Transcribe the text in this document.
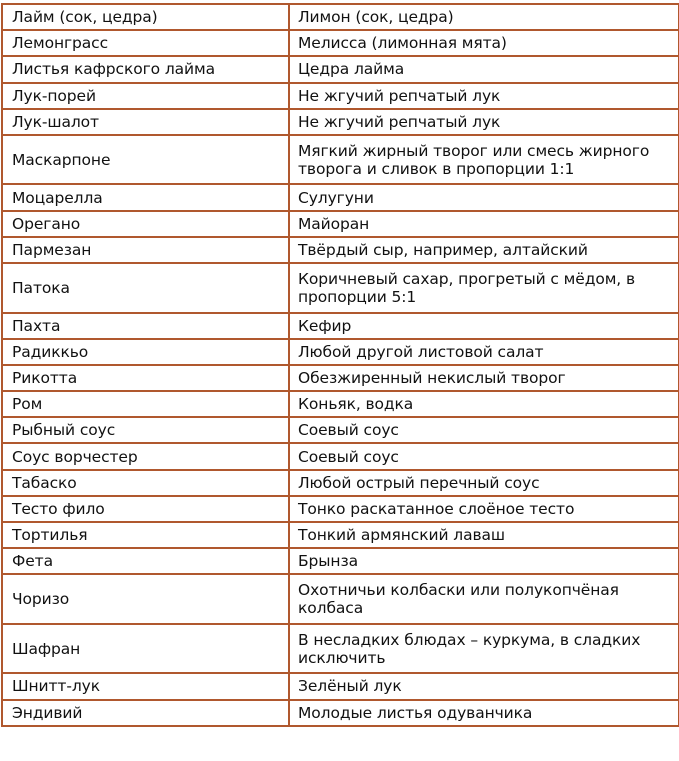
Лайм (сок, цедра)	Лимон (сок, цедра)
Лемонграсс	Мелисса (лимонная мята)
Листья кафрского лайма	Цедра лайма
Лук-порей	Не жгучий репчатый лук
Лук-шалот	Не жгучий репчатый лук
Маскарпоне	Мягкий жирный творог или смесь жирного творога и сливок в пропорции 1:1
Моцарелла	Сулугуни
Орегано	Майоран
Пармезан	Твёрдый сыр, например, алтайский
Патока	Коричневый сахар, прогретый с мёдом, в пропорции 5:1
Пахта	Кефир
Радиккьо	Любой другой листовой салат
Рикотта	Обезжиренный некислый творог
Ром	Коньяк, водка
Рыбный соус	Соевый соус
Соус ворчестер	Соевый соус
Табаско	Любой острый перечный соус
Тесто фило	Тонко раскатанное слоёное тесто
Тортилья	Тонкий армянский лаваш
Фета	Брынза
Чоризо	Охотничьи колбаски или полукопчёная колбаса
Шафран	В несладких блюдах – куркума, в сладких исключить
Шнитт-лук	Зелёный лук
Эндивий	Молодые листья одуванчика
